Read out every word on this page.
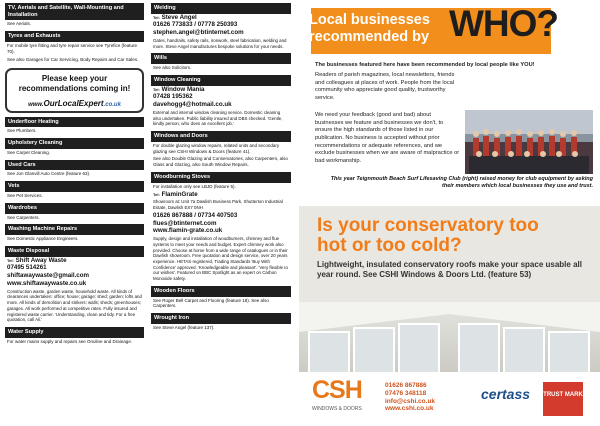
TV, Aerials and Satellite, Wall-Mounting and Installation
See Aerials.
Tyres and Exhausts
For mobile tyre fitting and tyre repair service see Tyrefice (feature 70).
See also Garages for Car Servicing, Body Repairs and Car Sales.
Please keep your recommendations coming in!
www.OurLocalExpert.co.uk
Underfloor Heating
See Plumbers.
Upholstery Cleaning
See Carpet Cleaning.
Used Cars
See Jon Glanvill Auto Centre (feature 63).
Vets
See Pet Services.
Wardrobes
See Carpenters.
Washing Machine Repairs
See Domestic Appliance Engineers.
Waste Disposal
Tel: Shift Away Waste
07495 514261
shiftawaywaste@gmail.com
www.shiftawaywaste.co.uk
Construction waste, garden waste, household waste. All kinds of clearances undertaken: office; house; garage; shed; garden; lofts and more. All kinds of demolition and strikers: walls; sheds; greenhouses; garages. All work performed at competitive rates. Fully insured and registered waste carrier. 'Understanding, clean and tidy. For a free quotation, call Ali.'
Water Supply
For water mains supply and repairs see Onuline and Drainage.
Welding
Tel: Steve Angel
01626 773833 / 07778 250393
stephen.angel@btinternet.com
Gates, handrails, safety rails, ironwork, steel fabrication, welding and more. Steve Angel manufactures bespoke solutions for your needs.
Wills
See also Solicitors.
Window Cleaning
Tel: Window Mania
07428 195362
davehogg4@hotmail.co.uk
External and internal window cleaning service. Domestic cleaning also undertaken. Public liability insured and DBS checked. 'Gentle, kindly person, who does an excellent job.'
Windows and Doors
For double glazing window repairs, related units and secondary glazing see CSHI Windows & Doors (feature 41).
See also Double Glazing and Conservatories, also Carpenters, also Glass and Glazing, also South Window Repairs.
Woodburning Stoves
For installation only see LBJD (feature 5).
Tel: FlaminGrate
Showroom at: Unit 7a Dawlish Business Park, Shutterton Industrial Estate, Dawlish EX7 0NH
01626 867888 / 07734 407503
flues@btinternet.com
www.flamin-grate.co.uk
Supply, design and installation of woodburners, chimney and flue systems to meet your needs and budget. Expert chimney work also provided. Choose at home from a wide range of catalogues or in their Dawlish showroom. Free quotation and design service, over 20 years experience. HETAS registered, Trading Standards 'Buy With Confidence' approved. 'Knowledgeable and pleasant'. 'Very flexible to our wishes'. Featured on BBC Spotlight as an expert on Carbon Monoxide safety.
Wooden Floors
See Roger Bell Carpet and Flooring (feature 18). See also Carpenters.
Wrought Iron
See Steve Angel (feature 137).
Local businesses
recommended by WHO?
The businesses featured here have been recommended by local people like YOU!
Readers of parish magazines, local newsletters, friends and colleagues at places of work. People from the local community who appreciate good quality, trustworthy service.
We need your feedback (good and bad) about businesses we feature and businesses we don't, to ensure the high standards of those listed in our publication. No business is accepted without prior recommendations or adequate references, and we exclude businesses when we are aware of malpractice or bad workmanship.
This year Teignmouth Beach Surf Lifesaving Club (right) raised money for club equipment by asking their members which local businesses they use and trust.
Is your conservatory too
hot or too cold?
Lightweight, insulated conservatory roofs make your space usable all year round. See CSHI Windows & Doors Ltd. (feature 53)
CSH
WINDOWS & DOORS
01626 867886
07476 348118
info@cshi.co.uk
www.cshi.co.uk
certass TRUST MARK
